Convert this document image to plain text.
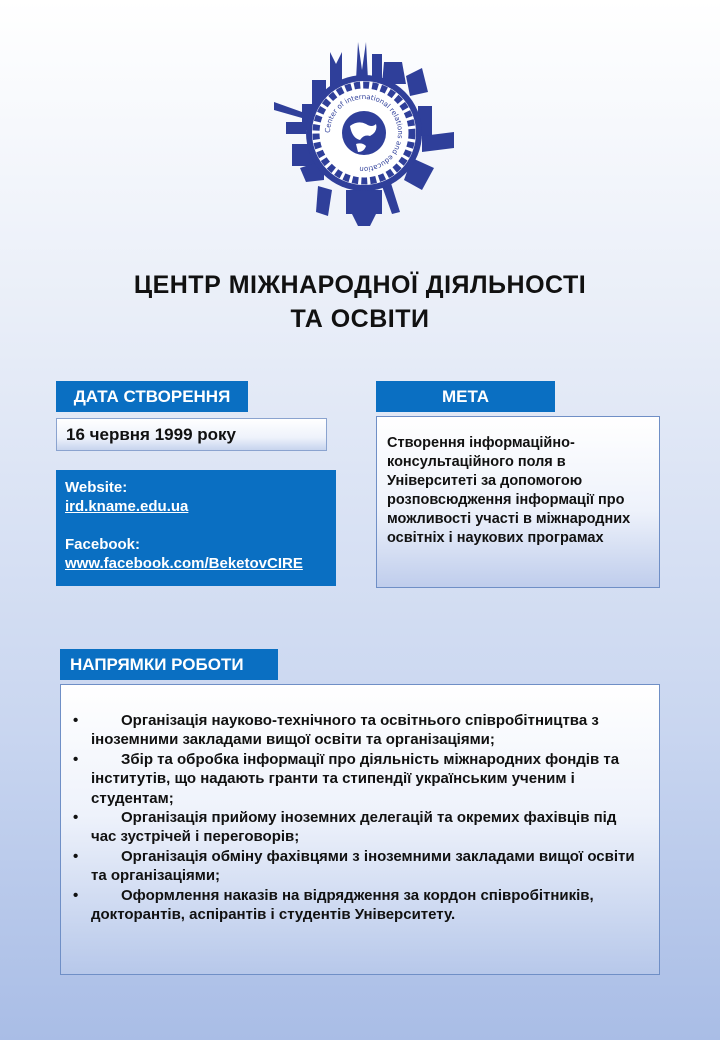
Center of international relations and education
ЦЕНТР МІЖНАРОДНОЇ ДІЯЛЬНОСТІ
ТА ОСВІТИ
ДАТА СТВОРЕННЯ
16 червня 1999 року
Website:
ird.kname.edu.ua
Facebook:
www.facebook.com/BeketovCIRE
МЕТА
Створення інформаційно-консультаційного поля в Університеті за допомогою розповсюдження інформації про можливості участі в міжнародних освітніх і наукових програмах
НАПРЯМКИ РОБОТИ
•	Організація науково-технічного та освітнього співробітництва з іноземними закладами вищої освіти та організаціями;
•	Збір та обробка інформації про діяльність міжнародних фондів та інститутів, що надають гранти та стипендії українським ученим і студентам;
•	Організація прийому іноземних делегацій та окремих фахівців під час зустрічей і переговорів;
•	Організація обміну фахівцями з іноземними закладами вищої освіти та організаціями;
•	Оформлення наказів на відрядження за кордон співробітників, докторантів, аспірантів і студентів Університету.
